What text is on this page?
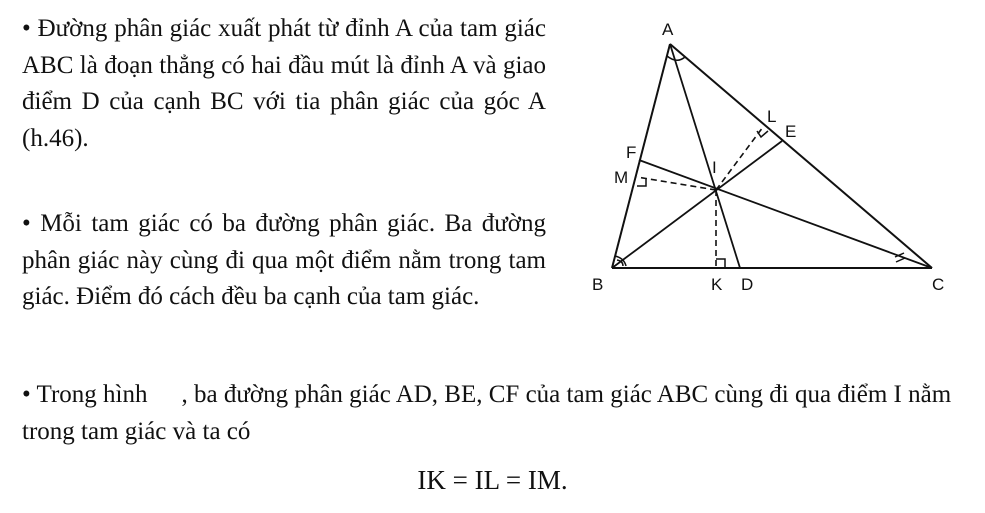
• Đường phân giác xuất phát từ đỉnh A của tam giác ABC là đoạn thẳng có hai đầu mút là đỉnh A và giao điểm D của cạnh BC với tia phân giác của góc A (h.46).

• Mỗi tam giác có ba đường phân giác. Ba đường phân giác này cùng đi qua một điểm nằm trong tam giác. Điểm đó cách đều ba cạnh của tam giác.

• Trong hình , ba đường phân giác AD, BE, CF của tam giác ABC cùng đi qua điểm I nằm trong tam giác và ta có

IK = IL = IM.
A
B	C
D
E
F
I
K
L
M
